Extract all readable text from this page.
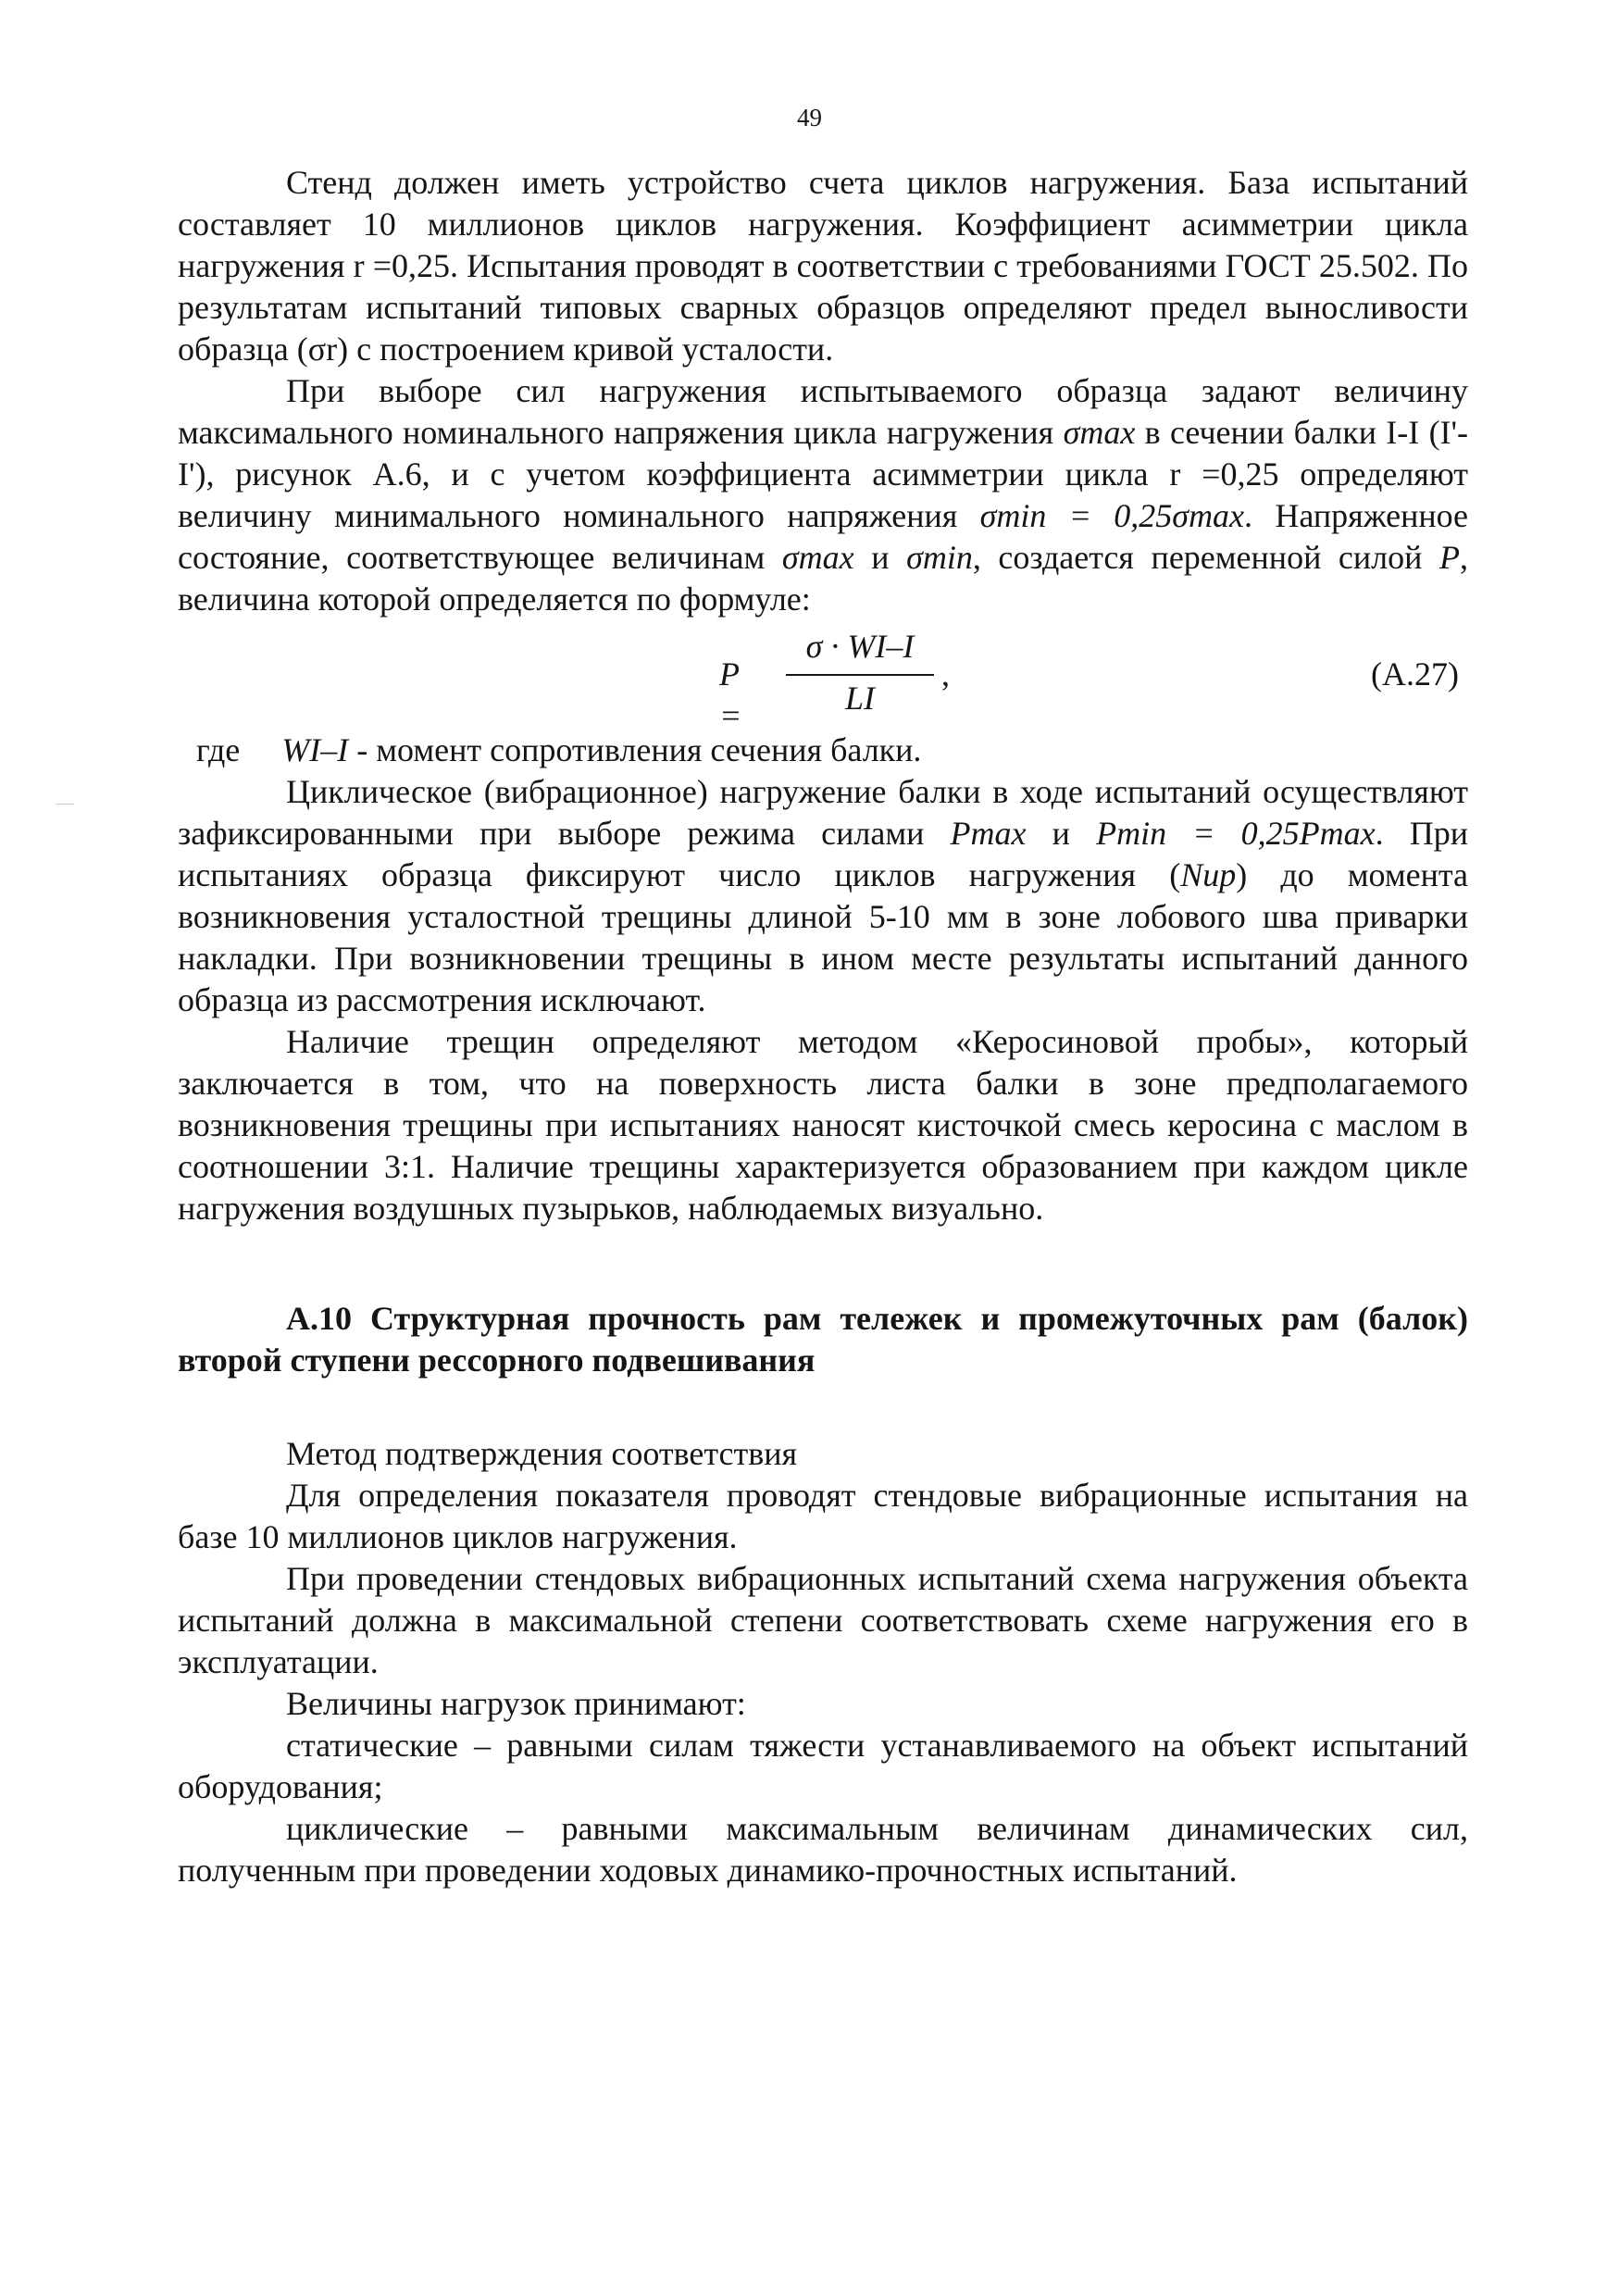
49

Стенд должен иметь устройство счета циклов нагружения. База испытаний составляет 10 миллионов циклов нагружения. Коэффициент асимметрии цикла нагружения r =0,25. Испытания проводят в соответствии с требованиями ГОСТ 25.502. По результатам испытаний типовых сварных образцов определяют предел выносливости образца (σr) с построением кривой усталости.

При выборе сил нагружения испытываемого образца задают величину максимального номинального напряжения цикла нагружения σmax в сечении балки I-I (I'- I'), рисунок А.6, и с учетом коэффициента асимметрии цикла r =0,25 определяют величину минимального номинального напряжения σmin = 0,25σmax. Напряженное состояние, соответствующее величинам σmax и σmin, создается переменной силой P, величина которой определяется по формуле:

P =
σ · WI–I
LI
,	(А.27)

где WI–I - момент сопротивления сечения балки.

Циклическое (вибрационное) нагружение балки в ходе испытаний осуществляют зафиксированными при выборе режима силами Pmax и Pmin = 0,25Pmax. При испытаниях образца фиксируют число циклов нагружения (Nup) до момента возникновения усталостной трещины длиной 5-10 мм в зоне лобового шва приварки накладки. При возникновении трещины в ином месте результаты испытаний данного образца из рассмотрения исключают.

Наличие трещин определяют методом «Керосиновой пробы», который заключается в том, что на поверхность листа балки в зоне предполагаемого возникновения трещины при испытаниях наносят кисточкой смесь керосина с маслом в соотношении 3:1. Наличие трещины характеризуется образованием при каждом цикле нагружения воздушных пузырьков, наблюдаемых визуально.

А.10 Структурная прочность рам тележек и промежуточных рам (балок) второй ступени рессорного подвешивания

Метод подтверждения соответствия

Для определения показателя проводят стендовые вибрационные испытания на базе 10 миллионов циклов нагружения.

При проведении стендовых вибрационных испытаний схема нагружения объекта испытаний должна в максимальной степени соответствовать схеме нагружения его в эксплуатации.

Величины нагрузок принимают:

статические – равными силам тяжести устанавливаемого на объект испытаний оборудования;

циклические – равными максимальным величинам динамических сил, полученным при проведении ходовых динамико-прочностных испытаний.
